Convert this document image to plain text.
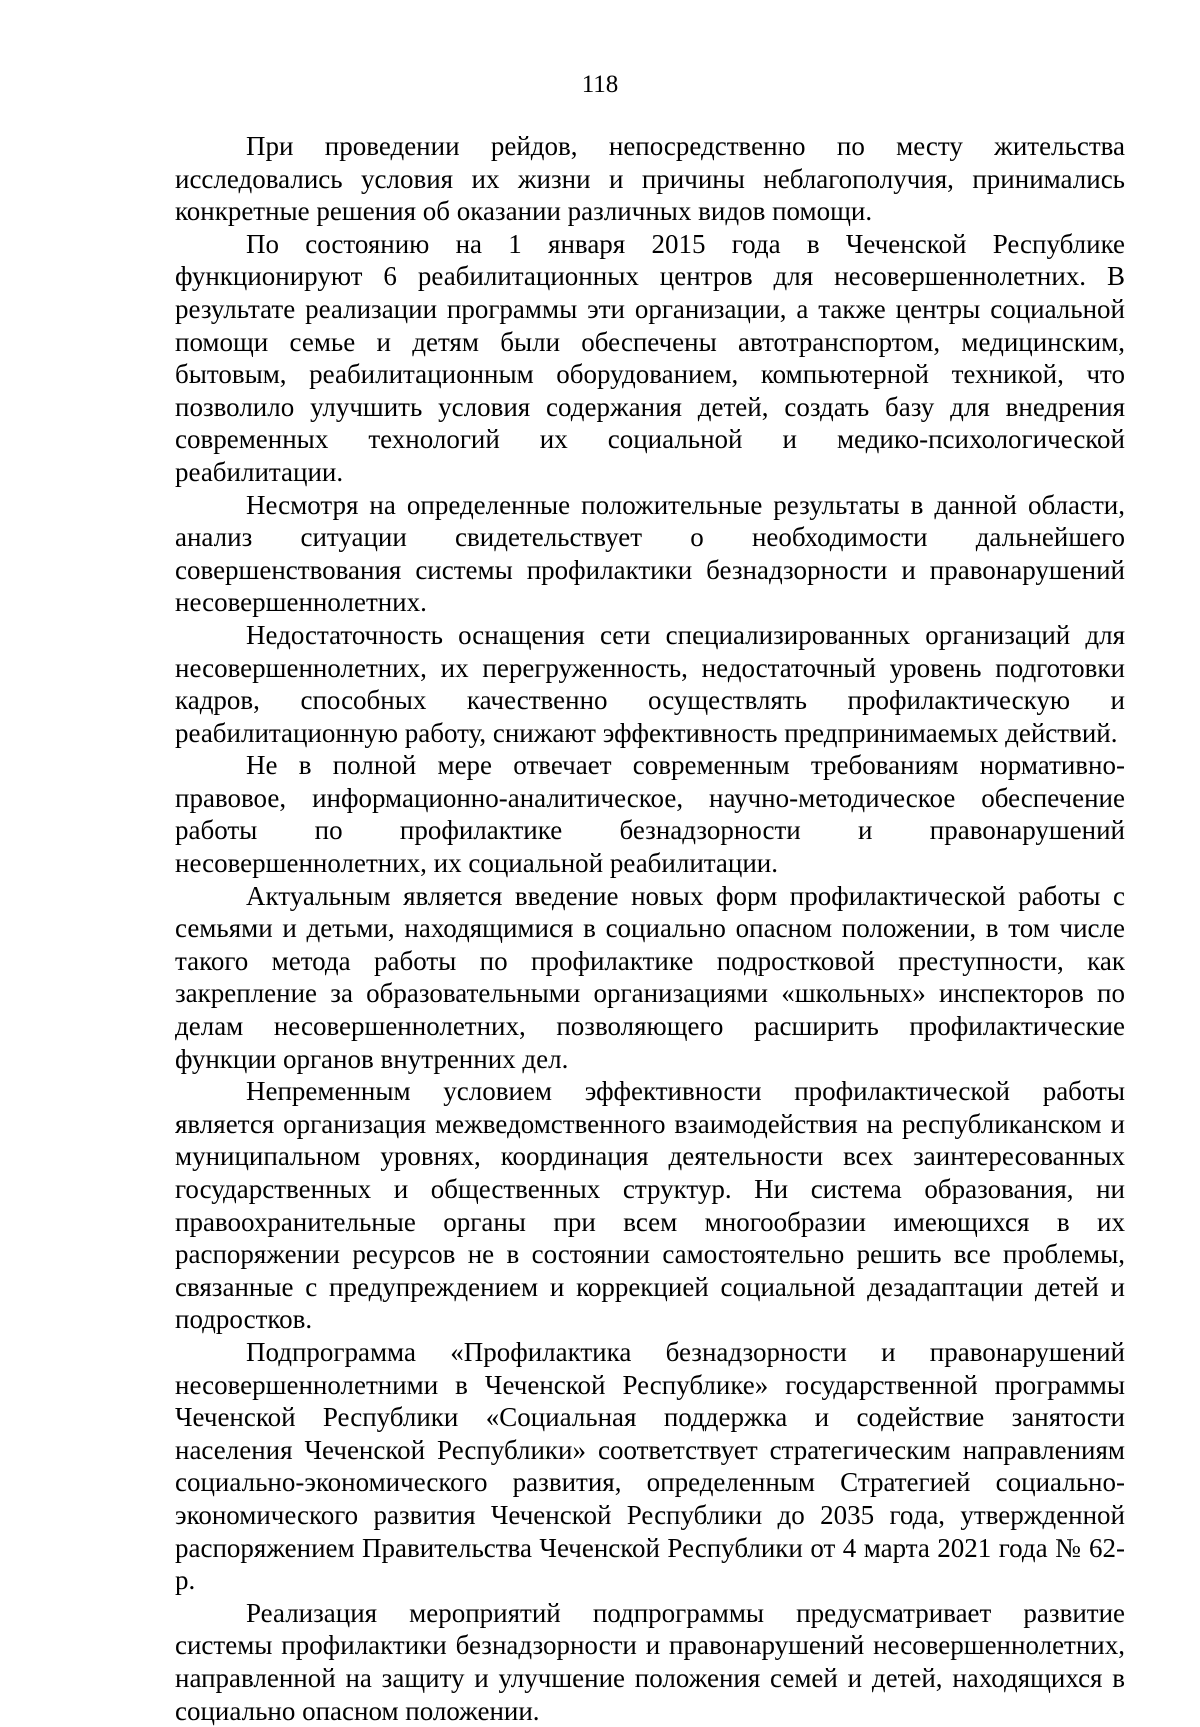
118

При проведении рейдов, непосредственно по месту жительства исследовались условия их жизни и причины неблагополучия, принимались конкретные решения об оказании различных видов помощи.

По состоянию на 1 января 2015 года в Чеченской Республике функционируют 6 реабилитационных центров для несовершеннолетних. В результате реализации программы эти организации, а также центры социальной помощи семье и детям были обеспечены автотранспортом, медицинским, бытовым, реабилитационным оборудованием, компьютерной техникой, что позволило улучшить условия содержания детей, создать базу для внедрения современных технологий их социальной и медико-психологической реабилитации.

Несмотря на определенные положительные результаты в данной области, анализ ситуации свидетельствует о необходимости дальнейшего совершенствования системы профилактики безнадзорности и правонарушений несовершеннолетних.

Недостаточность оснащения сети специализированных организаций для несовершеннолетних, их перегруженность, недостаточный уровень подготовки кадров, способных качественно осуществлять профилактическую и реабилитационную работу, снижают эффективность предпринимаемых действий.

Не в полной мере отвечает современным требованиям нормативно-правовое, информационно-аналитическое, научно-методическое обеспечение работы по профилактике безнадзорности и правонарушений несовершеннолетних, их социальной реабилитации.

Актуальным является введение новых форм профилактической работы с семьями и детьми, находящимися в социально опасном положении, в том числе такого метода работы по профилактике подростковой преступности, как закрепление за образовательными организациями «школьных» инспекторов по делам несовершеннолетних, позволяющего расширить профилактические функции органов внутренних дел.

Непременным условием эффективности профилактической работы является организация межведомственного взаимодействия на республиканском и муниципальном уровнях, координация деятельности всех заинтересованных государственных и общественных структур. Ни система образования, ни правоохранительные органы при всем многообразии имеющихся в их распоряжении ресурсов не в состоянии самостоятельно решить все проблемы, связанные с предупреждением и коррекцией социальной дезадаптации детей и подростков.

Подпрограмма «Профилактика безнадзорности и правонарушений несовершеннолетними в Чеченской Республике» государственной программы Чеченской Республики «Социальная поддержка и содействие занятости населения Чеченской Республики» соответствует стратегическим направлениям социально-экономического развития, определенным Стратегией социально-экономического развития Чеченской Республики до 2035 года, утвержденной распоряжением Правительства Чеченской Республики от 4 марта 2021 года № 62-р.

Реализация мероприятий подпрограммы предусматривает развитие системы профилактики безнадзорности и правонарушений несовершеннолетних, направленной на защиту и улучшение положения семей и детей, находящихся в социально опасном положении.
